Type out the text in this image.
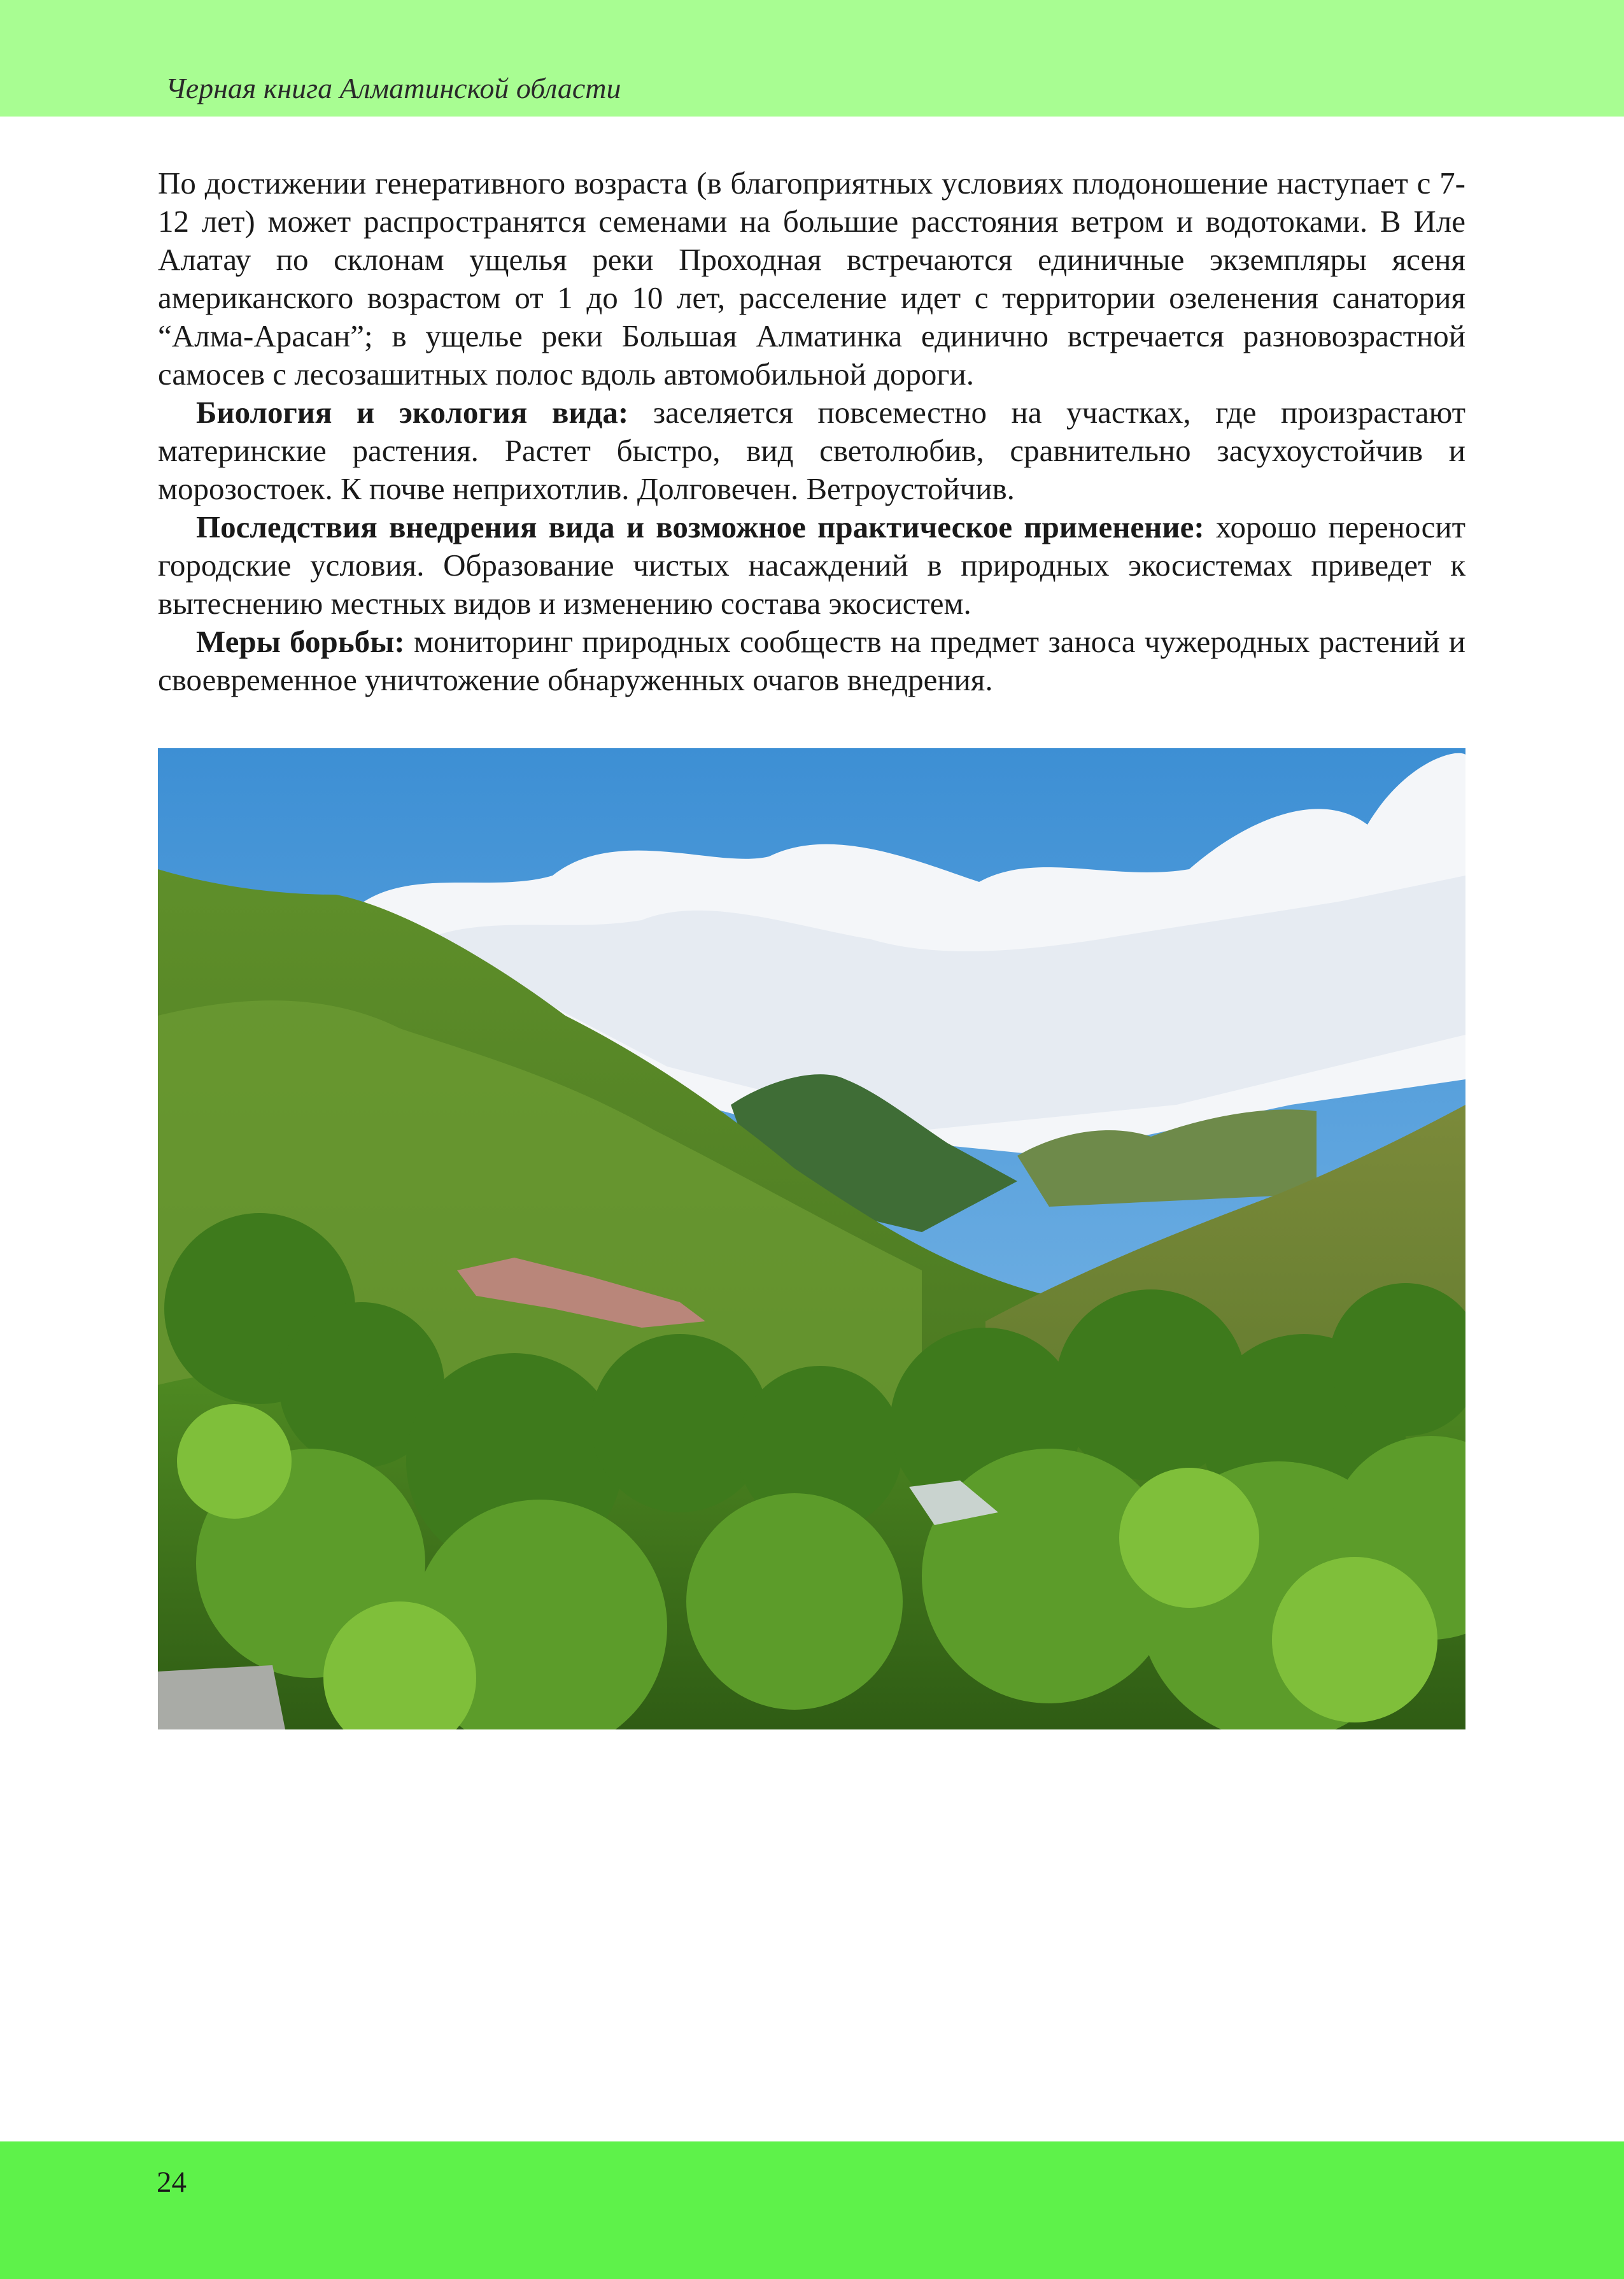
Черная книга Алматинской области

По достижении генеративного возраста (в благоприятных условиях плодоношение наступает с 7-12 лет) может распространятся семенами на большие расстояния ветром и водотоками. В Иле Алатау по склонам ущелья реки Проходная встречаются единичные экземпляры ясеня американского возрастом от 1 до 10 лет, расселение идет с территории озеленения санатория “Алма-Арасан”; в ущелье реки Большая Алматинка единично встречается разновозрастной самосев с лесозашитных полос вдоль автомобильной дороги.

Биология и экология вида: заселяется повсеместно на участках, где произрастают материнские растения. Растет быстро, вид светолюбив, сравнительно засухоустойчив и морозостоек. К почве неприхотлив. Долговечен. Ветроустойчив.

Последствия внедрения вида и возможное практическое применение: хорошо переносит городские условия. Образование чистых насаждений в природных экосистемах приведет к вытеснению местных видов и изменению состава экосистем.

Меры борьбы: мониторинг природных сообществ на предмет заноса чужеродных растений и своевременное уничтожение обнаруженных очагов внедрения.

24
